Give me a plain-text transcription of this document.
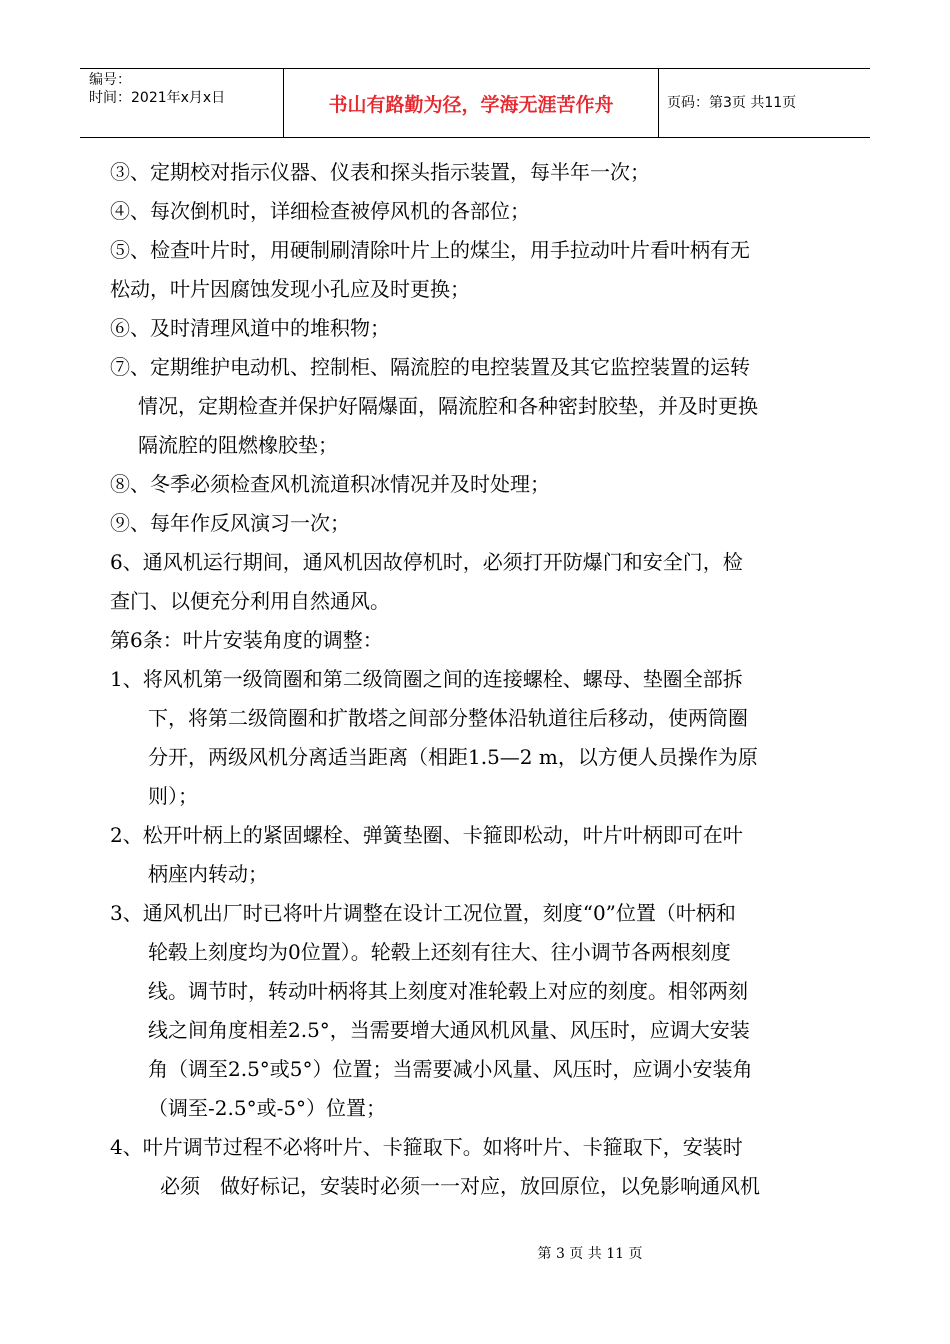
编号：
时间：2021年x月x日	书山有路勤为径，学海无涯苦作舟	页码：第3页 共11页

③、定期校对指示仪器、仪表和探头指示装置，每半年一次；

④、每次倒机时，详细检查被停风机的各部位；

⑤、检查叶片时，用硬制刷清除叶片上的煤尘，用手拉动叶片看叶柄有无

松动，叶片因腐蚀发现小孔应及时更换；

⑥、及时清理风道中的堆积物；

⑦、定期维护电动机、控制柜、隔流腔的电控装置及其它监控装置的运转

情况，定期检查并保护好隔爆面，隔流腔和各种密封胶垫，并及时更换

隔流腔的阻燃橡胶垫；

⑧、冬季必须检查风机流道积冰情况并及时处理；

⑨、每年作反风演习一次；

6、通风机运行期间，通风机因故停机时，必须打开防爆门和安全门，检

查门、以便充分利用自然通风。

第6条：叶片安装角度的调整：

1、将风机第一级筒圈和第二级筒圈之间的连接螺栓、螺母、垫圈全部拆

下，将第二级筒圈和扩散塔之间部分整体沿轨道往后移动，使两筒圈

分开，两级风机分离适当距离（相距1.5—2 m，以方便人员操作为原

则）；

2、松开叶柄上的紧固螺栓、弹簧垫圈、卡箍即松动，叶片叶柄即可在叶

柄座内转动；

3、通风机出厂时已将叶片调整在设计工况位置，刻度“0”位置（叶柄和

轮毂上刻度均为0位置）。轮毂上还刻有往大、往小调节各两根刻度

线。调节时，转动叶柄将其上刻度对准轮毂上对应的刻度。相邻两刻

线之间角度相差2.5°，当需要增大通风机风量、风压时，应调大安装

角（调至2.5°或5°）位置；当需要减小风量、风压时，应调小安装角

（调至-2.5°或-5°）位置；

4、叶片调节过程不必将叶片、卡箍取下。如将叶片、卡箍取下，安装时

必须　做好标记，安装时必须一一对应，放回原位，以免影响通风机

第 3 页 共 11 页
